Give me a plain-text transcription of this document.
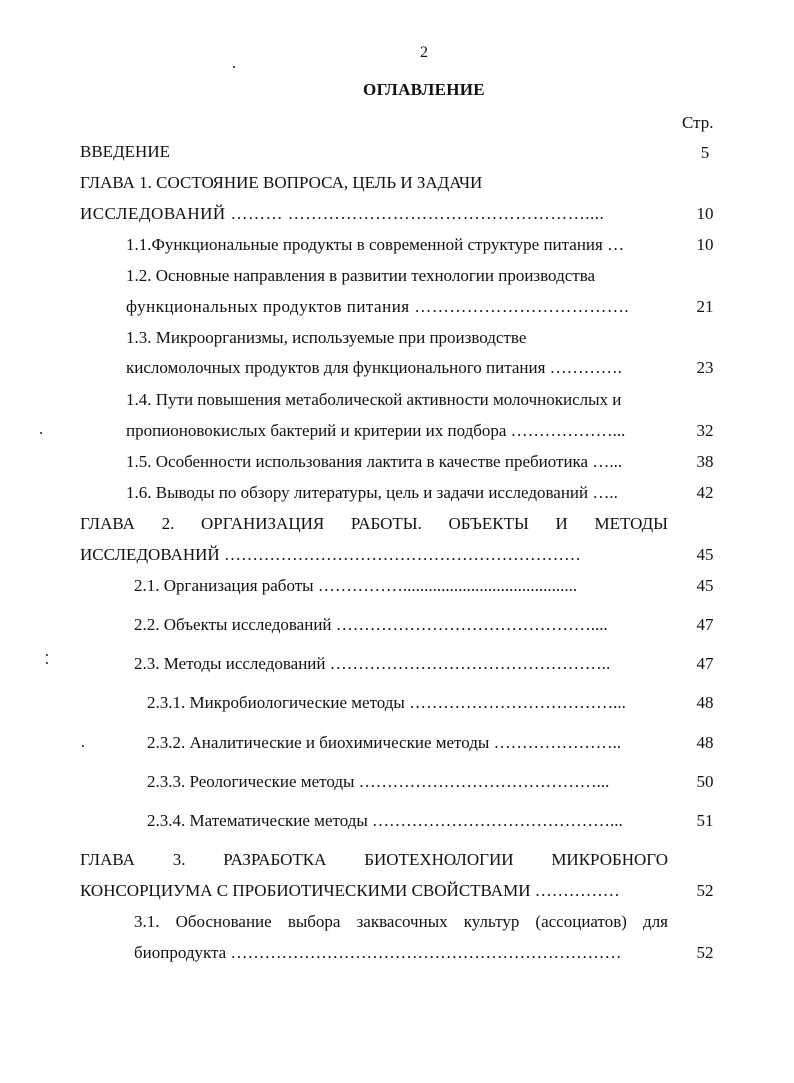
2
ОГЛАВЛЕНИЕ
Стр.
ВВЕДЕНИЕ	5
ГЛАВА 1. СОСТОЯНИЕ ВОПРОСА, ЦЕЛЬ И ЗАДАЧИ
ИССЛЕДОВАНИЙ ……… ……………………………………………....	10
1.1.Функциональные продукты в современной структуре питания …	10
1.2. Основные направления в развитии технологии производства
функциональных продуктов питания ……………………………….	21
1.3. Микроорганизмы, используемые при производстве
кисломолочных продуктов для функционального питания ………….	23
1.4. Пути повышения метаболической активности молочнокислых и
пропионовокислых бактерий и критерии их подбора ………………...	32
1.5. Особенности использования лактита в качестве пребиотика …...	38
1.6. Выводы по обзору литературы, цель и задачи исследований …..	42
ГЛАВА 2. ОРГАНИЗАЦИЯ РАБОТЫ. ОБЪЕКТЫ И МЕТОДЫ
ИССЛЕДОВАНИЙ ………………………………………………………	45
2.1. Организация работы …………….........................................	45
2.2. Объекты исследований ………………………………………....	47
2.3. Методы исследований …………………………………………..	47
2.3.1. Микробиологические методы ………………………………...	48
2.3.2. Аналитические и биохимические методы …………………..	48
2.3.3. Реологические методы ……………………………………...	50
2.3.4. Математические методы ……………………………………...	51
ГЛАВА 3. РАЗРАБОТКА БИОТЕХНОЛОГИИ МИКРОБНОГО
КОНСОРЦИУМА С ПРОБИОТИЧЕСКИМИ СВОЙСТВАМИ ……………	52
3.1. Обоснование выбора заквасочных культур (ассоциатов) для
биопродукта ……………………………………………………………	52
